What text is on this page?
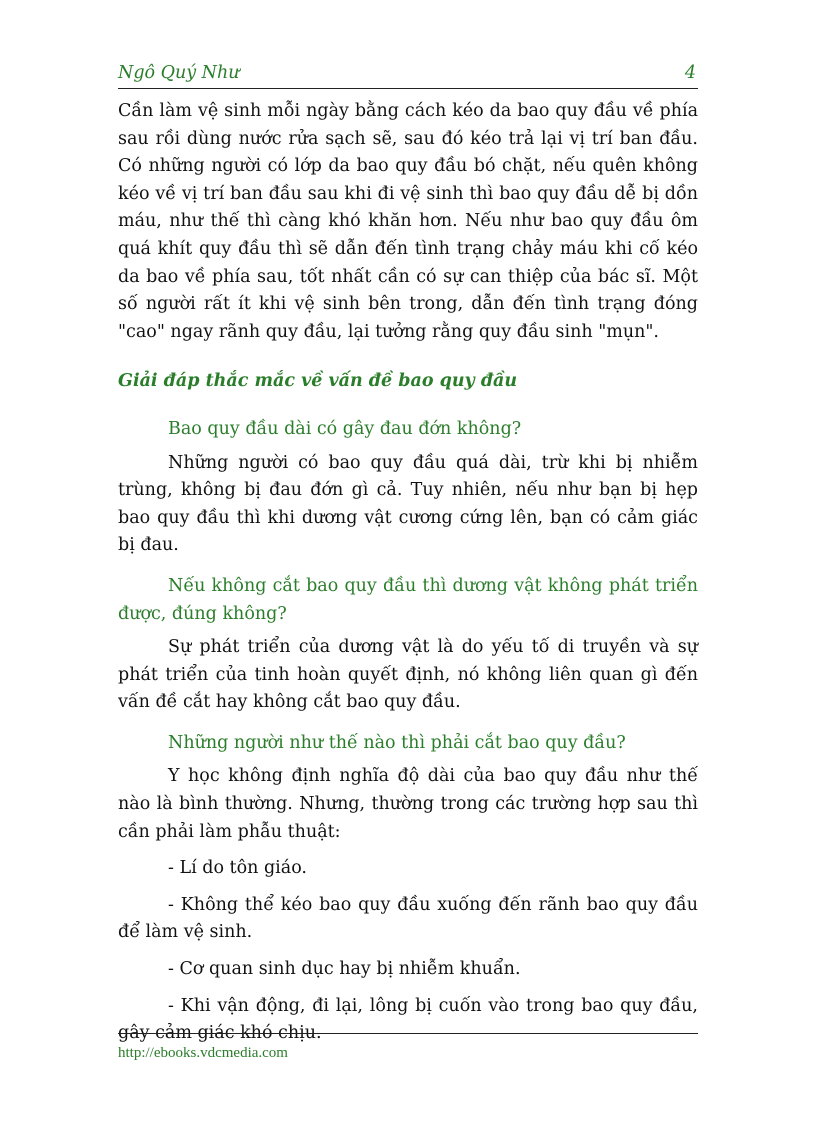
Ngô Quý Như	4

Cần làm vệ sinh mỗi ngày bằng cách kéo da bao quy đầu về phía sau rồi dùng nước rửa sạch sẽ, sau đó kéo trả lại vị trí ban đầu. Có những người có lớp da bao quy đầu bó chặt, nếu quên không kéo về vị trí ban đầu sau khi đi vệ sinh thì bao quy đầu dễ bị dồn máu, như thế thì càng khó khăn hơn. Nếu như bao quy đầu ôm quá khít quy đầu thì sẽ dẫn đến tình trạng chảy máu khi cố kéo da bao về phía sau, tốt nhất cần có sự can thiệp của bác sĩ. Một số người rất ít khi vệ sinh bên trong, dẫn đến tình trạng đóng "cao" ngay rãnh quy đầu, lại tưởng rằng quy đầu sinh "mụn".

Giải đáp thắc mắc về vấn đề bao quy đầu

Bao quy đầu dài có gây đau đớn không?

Những người có bao quy đầu quá dài, trừ khi bị nhiễm trùng, không bị đau đớn gì cả. Tuy nhiên, nếu như bạn bị hẹp bao quy đầu thì khi dương vật cương cứng lên, bạn có cảm giác bị đau.

Nếu không cắt bao quy đầu thì dương vật không phát triển được, đúng không?

Sự phát triển của dương vật là do yếu tố di truyền và sự phát triển của tinh hoàn quyết định, nó không liên quan gì đến vấn đề cắt hay không cắt bao quy đầu.

Những người như thế nào thì phải cắt bao quy đầu?

Y học không định nghĩa độ dài của bao quy đầu như thế nào là bình thường. Nhưng, thường trong các trường hợp sau thì cần phải làm phẫu thuật:

- Lí do tôn giáo.

- Không thể kéo bao quy đầu xuống đến rãnh bao quy đầu để làm vệ sinh.

- Cơ quan sinh dục hay bị nhiễm khuẩn.

- Khi vận động, đi lại, lông bị cuốn vào trong bao quy đầu, gây cảm giác khó chịu.

http://ebooks.vdcmedia.com
